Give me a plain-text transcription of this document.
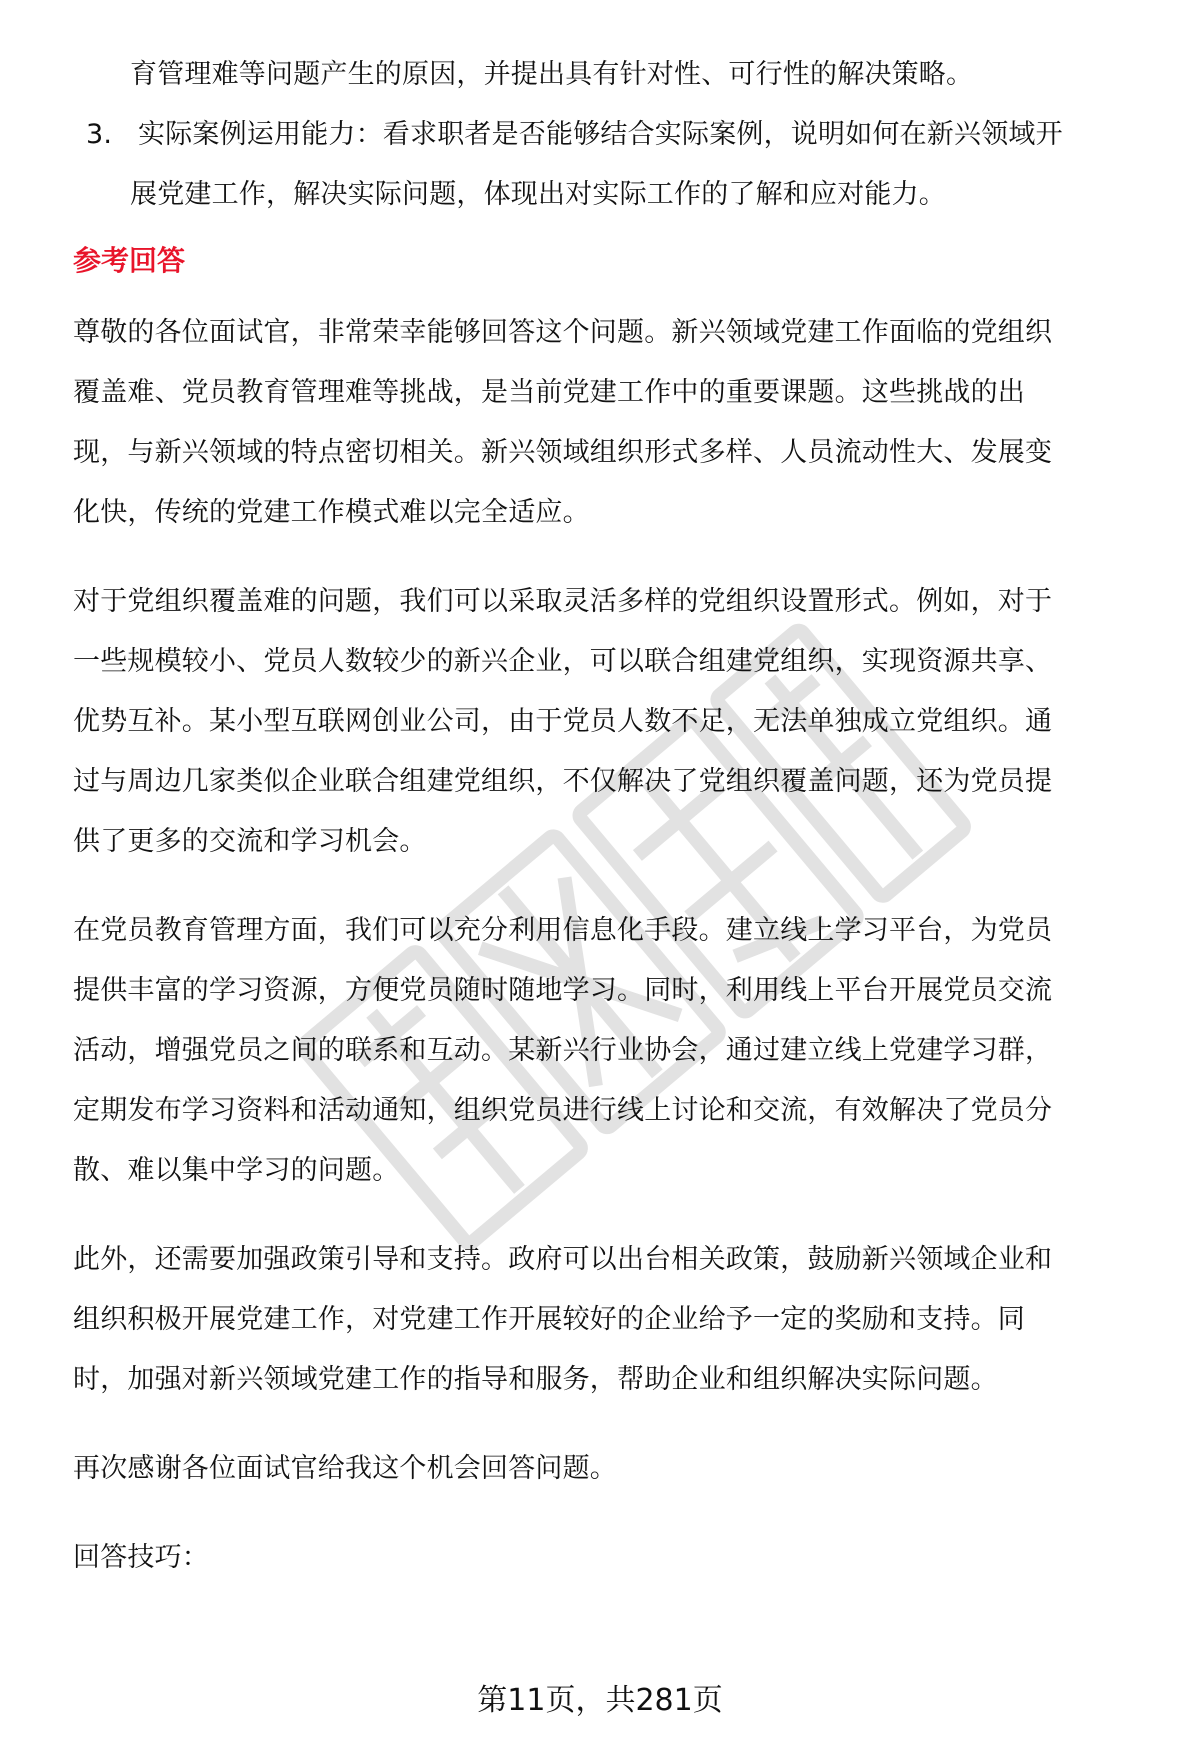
育管理难等问题产生的原因，并提出具有针对性、可行性的解决策略。
3. 实际案例运用能力：看求职者是否能够结合实际案例，说明如何在新兴领域开
展党建工作，解决实际问题，体现出对实际工作的了解和应对能力。
参考回答
尊敬的各位面试官，非常荣幸能够回答这个问题。新兴领域党建工作面临的党组织
覆盖难、党员教育管理难等挑战，是当前党建工作中的重要课题。这些挑战的出
现，与新兴领域的特点密切相关。新兴领域组织形式多样、人员流动性大、发展变
化快，传统的党建工作模式难以完全适应。
对于党组织覆盖难的问题，我们可以采取灵活多样的党组织设置形式。例如，对于
一些规模较小、党员人数较少的新兴企业，可以联合组建党组织，实现资源共享、
优势互补。某小型互联网创业公司，由于党员人数不足，无法单独成立党组织。通
过与周边几家类似企业联合组建党组织，不仅解决了党组织覆盖问题，还为党员提
供了更多的交流和学习机会。
在党员教育管理方面，我们可以充分利用信息化手段。建立线上学习平台，为党员
提供丰富的学习资源，方便党员随时随地学习。同时，利用线上平台开展党员交流
活动，增强党员之间的联系和互动。某新兴行业协会，通过建立线上党建学习群，
定期发布学习资料和活动通知，组织党员进行线上讨论和交流，有效解决了党员分
散、难以集中学习的问题。
此外，还需要加强政策引导和支持。政府可以出台相关政策，鼓励新兴领域企业和
组织积极开展党建工作，对党建工作开展较好的企业给予一定的奖励和支持。同
时，加强对新兴领域党建工作的指导和服务，帮助企业和组织解决实际问题。
再次感谢各位面试官给我这个机会回答问题。
回答技巧：
第11页，共281页
